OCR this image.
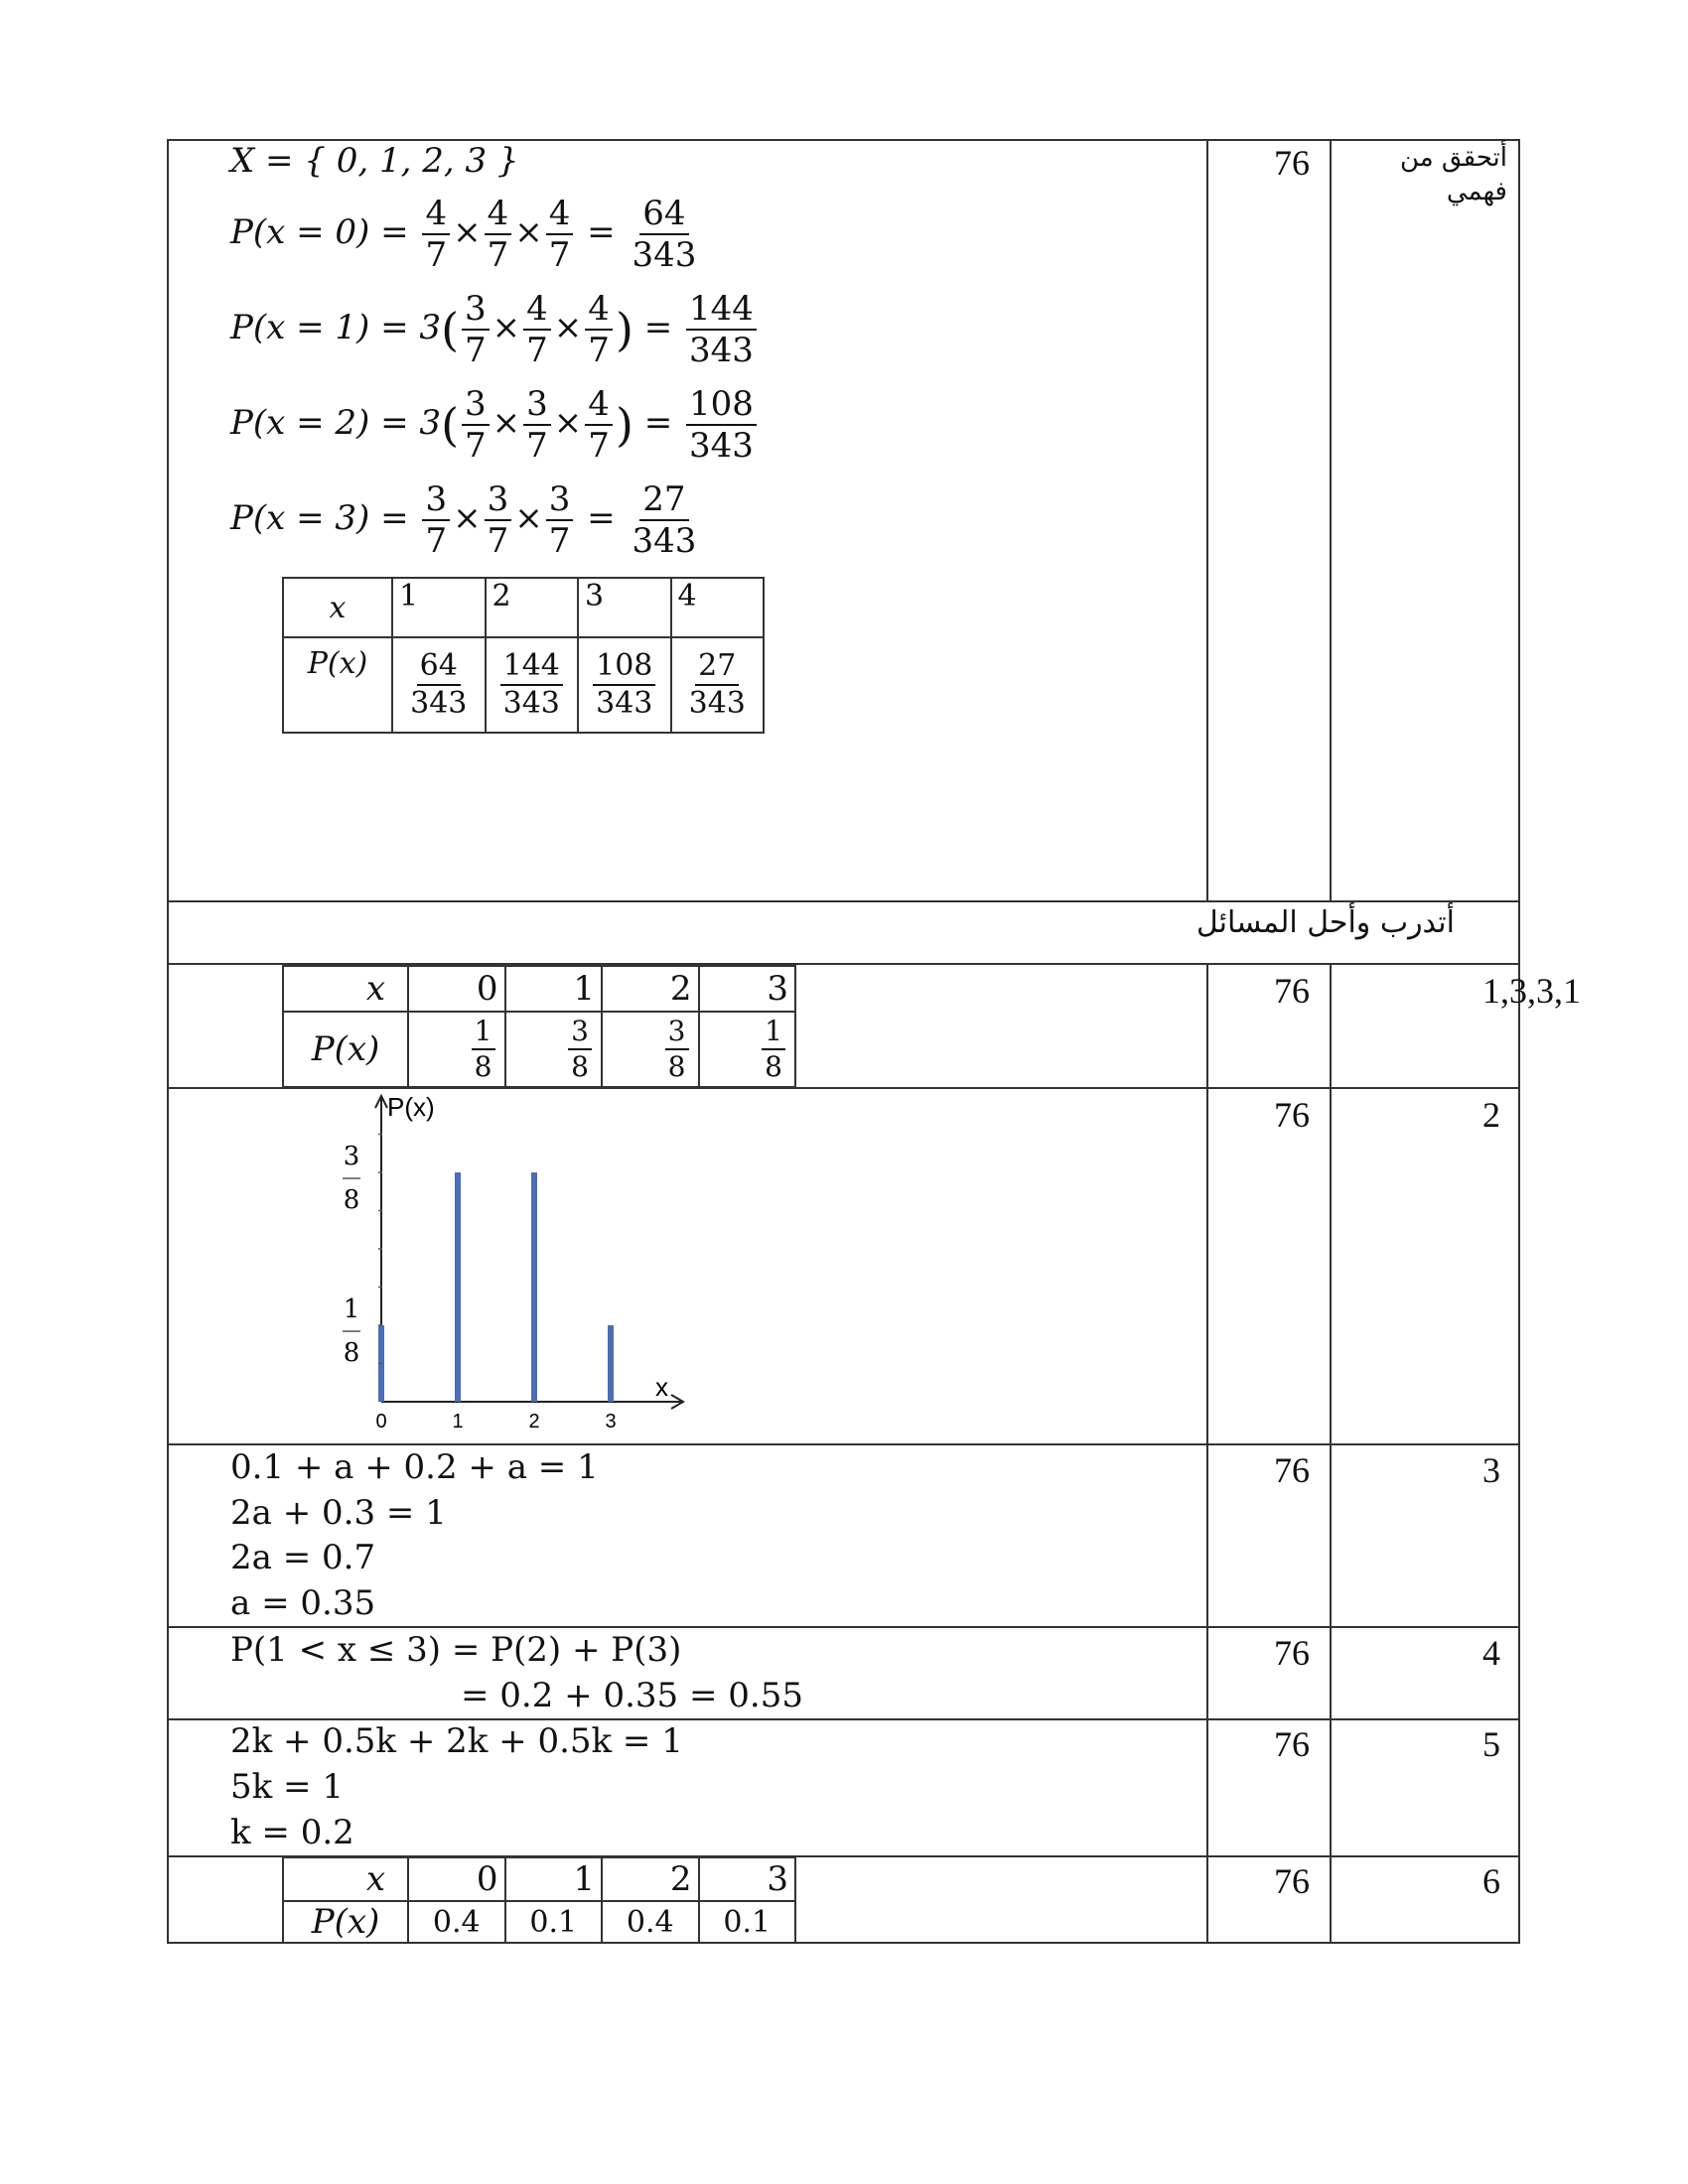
76	أتحقق من فهمي
X = { 0, 1, 2, 3 }
$P(x = 0) = \frac{4}{7} \times \frac{4}{7} \times \frac{4}{7} = \frac{64}{343}$
$P(x = 1) = 3( \frac{3}{7} \times \frac{4}{7} \times \frac{4}{7}$ ) = $\frac{144}{343}$
$P(x = 2) = 3( \frac{3}{7} \times \frac{3}{7} \times \frac{4}{7}$ ) = $\frac{108}{343}$
$P(x = 3) = \frac{3}{7} \times \frac{3}{7} \times \frac{3}{7} = \frac{27}{343}$
x	1	2	3	4
P(x)	$\frac{64}{343}$	$\frac{144}{343}$	$\frac{108}{343}$	$\frac{27}{343}$
أتدرب وأحل المسائل
76	1,3,3,1
x	0	1	2	3
P(x)	$\frac{1}{8}$	$\frac{3}{8}$	$\frac{3}{8}$	$\frac{1}{8}$
76	2
P(x)
x
0	1	2	3
1
8
3
8
76	3
0.1 + a + 0.2 + a = 1
2a + 0.3 = 1
2a = 0.7
a = 0.35
76	4
P(1 < x ≤ 3) = P(2) + P(3)
= 0.2 + 0.35 = 0.55
76	5
2k + 0.5k + 2k + 0.5k = 1
5k = 1
k = 0.2
76	6
x	0	1	2	3
P(x)	0.4	0.1	0.4	0.1
